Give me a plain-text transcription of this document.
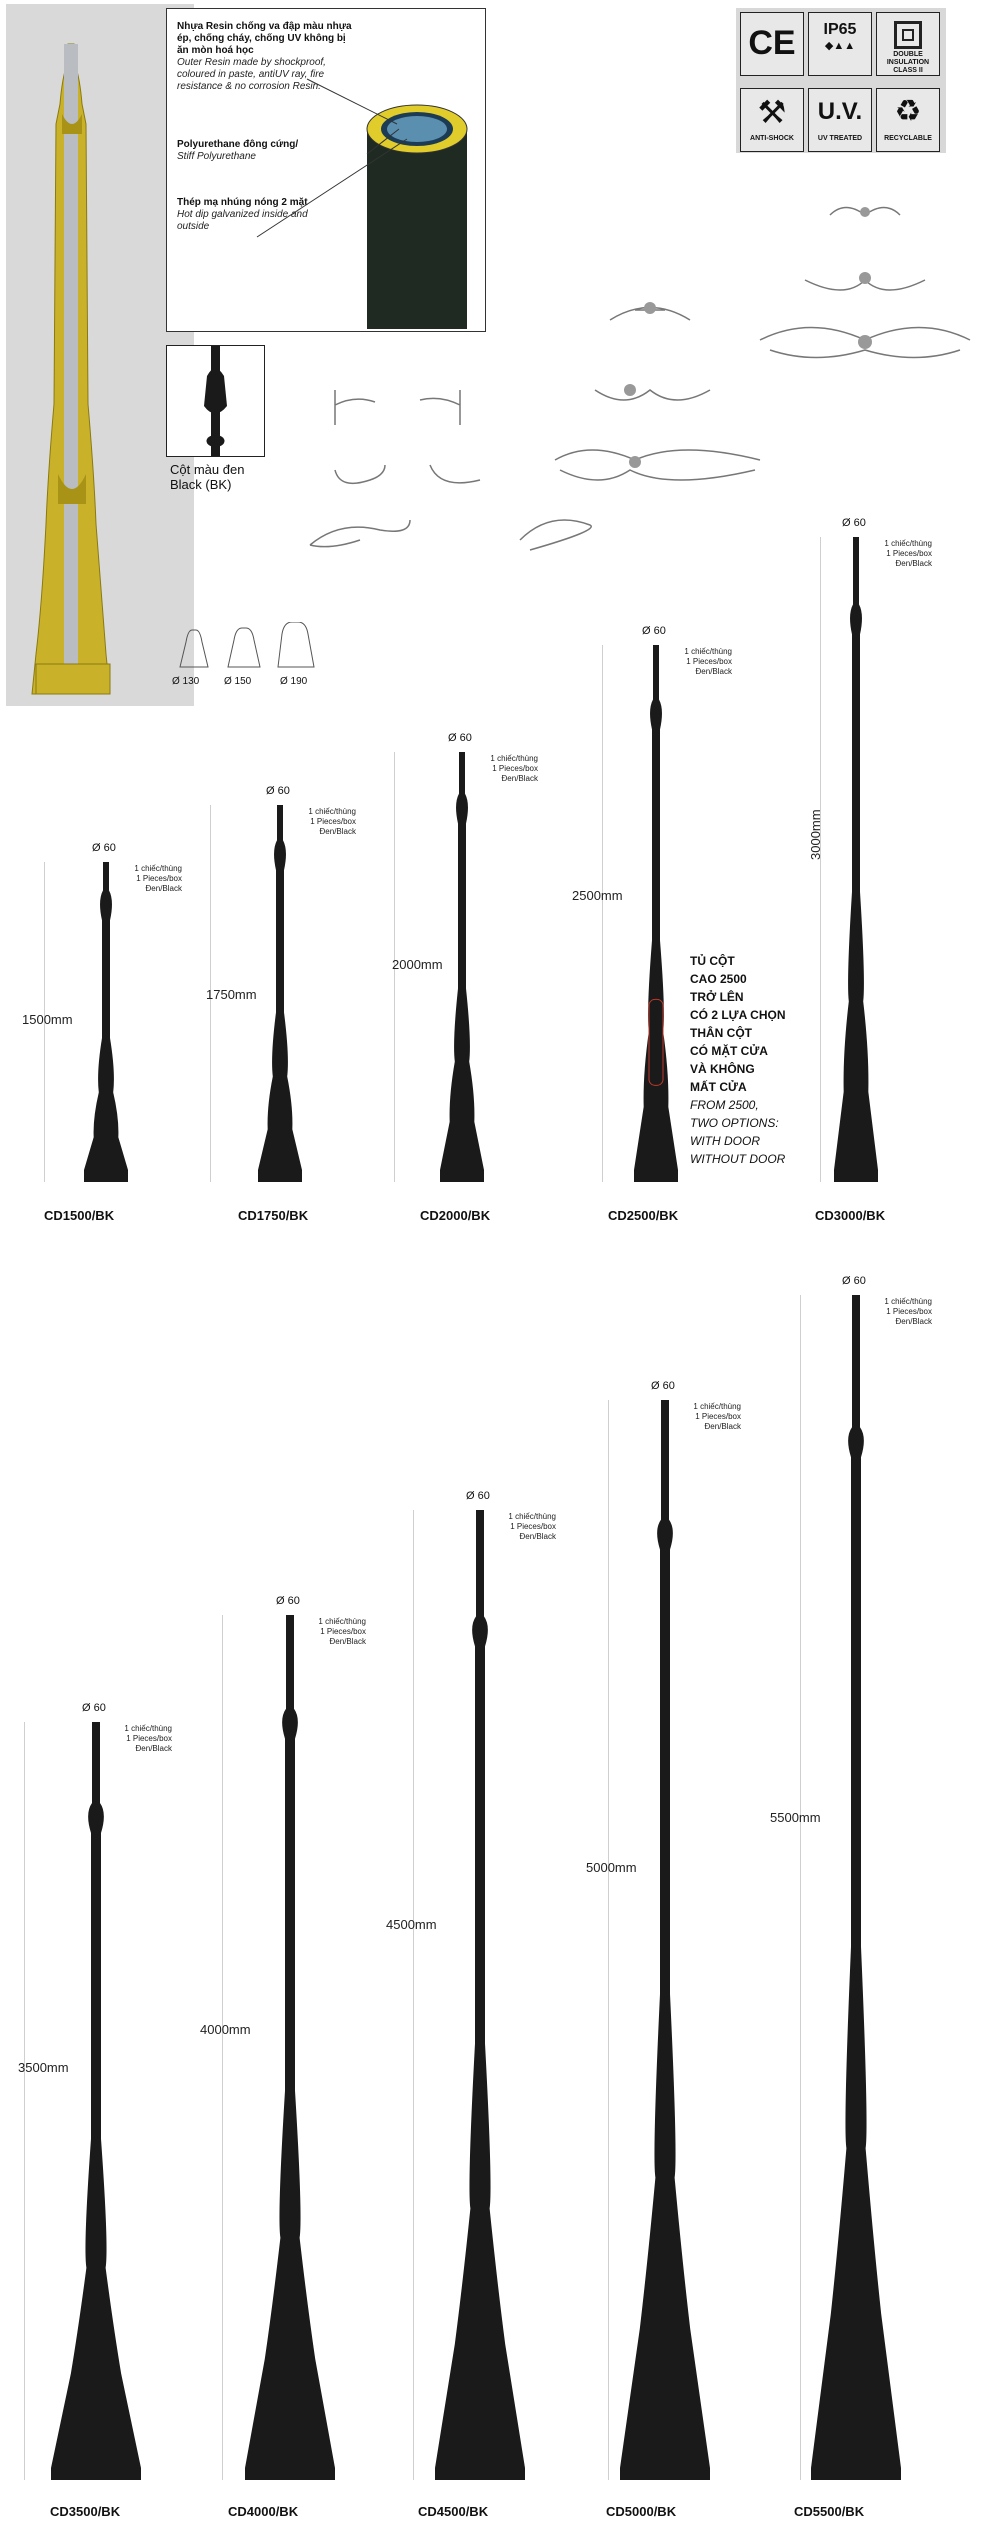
Nhựa Resin chống va đập màu nhựa ép, chống cháy, chống UV không bị ăn mòn hoá học
Outer Resin made by shockproof, coloured in paste, antiUV ray, fire resistance & no corrosion Resin.
Polyurethane đông cứng/
Stiff Polyurethane
Thép mạ nhúng nóng 2 mặt
Hot dip galvanized inside and outside
CE	IP65
◆▲▲
DOUBLE INSULATION CLASS II
⚒
ANTI-SHOCK
U.V.
UV TREATED
♻
RECYCLABLE
Cột màu đen
Black (BK)
Ø 130 Ø 150	Ø 190
Ø 60
1 chiếc/thùng
1 Pieces/box
Đen/Black
1500mm
CD1500/BK
Ø 60
1 chiếc/thùng
1 Pieces/box
Đen/Black
1750mm
CD1750/BK
Ø 60
1 chiếc/thùng
1 Pieces/box
Đen/Black
2000mm
CD2000/BK
Ø 60
1 chiếc/thùng
1 Pieces/box
Đen/Black
2500mm
CD2500/BK
Ø 60
1 chiếc/thùng
1 Pieces/box
Đen/Black
3000mm
CD3000/BK
Ø 60
1 chiếc/thùng
1 Pieces/box
Đen/Black
3500mm
CD3500/BK
Ø 60
1 chiếc/thùng
1 Pieces/box
Đen/Black
4000mm
CD4000/BK
Ø 60
1 chiếc/thùng
1 Pieces/box
Đen/Black
4500mm
CD4500/BK
Ø 60
1 chiếc/thùng
1 Pieces/box
Đen/Black
5000mm
CD5000/BK
Ø 60
1 chiếc/thùng
1 Pieces/box
Đen/Black
5500mm
CD5500/BK
TỦ CỘT
CAO 2500
TRỞ LÊN
CÓ 2 LỰA CHỌN
THÂN CỘT
CÓ MẶT CỬA
VÀ KHÔNG
MẤT CỬA
FROM 2500,
TWO OPTIONS:
WITH DOOR
WITHOUT DOOR
